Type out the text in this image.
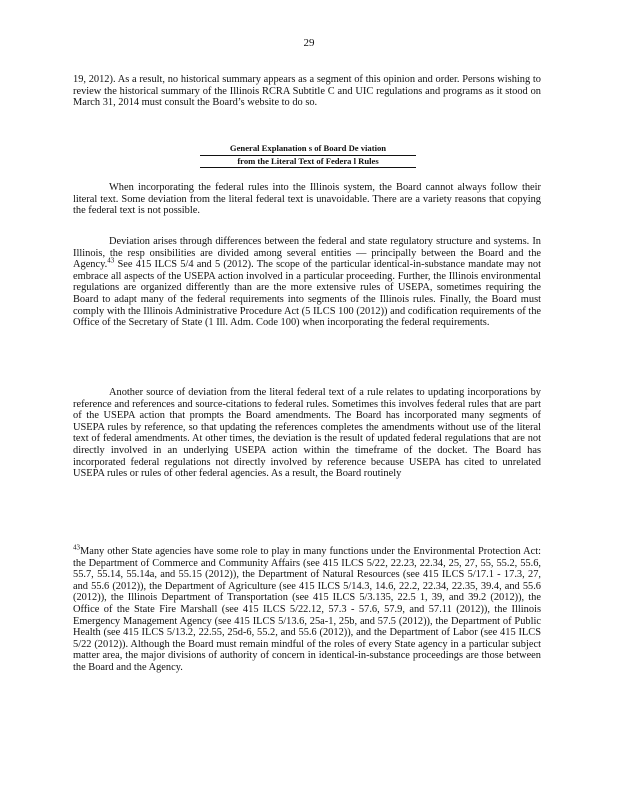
29

19, 2012). As a result, no historical summary appears as a segment of this opinion and order. Persons wishing to review the historical summary of the Illinois RCRA Subtitle C and UIC regulations and programs as it stood on March 31, 2014 must consult the Board’s website to do so.

General Explanation s of Board De viation
from the Literal Text of Federa l Rules

When incorporating the federal rules into the Illinois system, the Board cannot always follow their literal text. Some deviation from the literal federal text is unavoidable. There are a variety reasons that copying the federal text is not possible.

Deviation arises through differences between the federal and state regulatory structure and systems. In Illinois, the resp onsibilities are divided among several entities — principally between the Board and the Agency.$^{43}$ See 415 ILCS 5/4 and 5 (2012). The scope of the particular identical-in-substance mandate may not embrace all aspects of the USEPA action involved in a particular proceeding. Further, the Illinois environmental regulations are organized differently than are the more extensive rules of USEPA, sometimes requiring the Board to adapt many of the federal requirements into segments of the Illinois rules. Finally, the Board must comply with the Illinois Administrative Procedure Act (5 ILCS 100 (2012)) and codification requirements of the Office of the Secretary of State (1 Ill. Adm. Code 100) when incorporating the federal requirements.

Another source of deviation from the literal federal text of a rule relates to updating incorporations by reference and references and source-citations to federal rules. Sometimes this involves federal rules that are part of the USEPA action that prompts the Board amendments. The Board has incorporated many segments of USEPA rules by reference, so that updating the references completes the amendments without use of the literal text of federal amendments. At other times, the deviation is the result of updated federal regulations that are not directly involved in an underlying USEPA action within the timeframe of the docket. The Board has incorporated federal regulations not directly involved by reference because USEPA has cited to unrelated USEPA rules or rules of other federal agencies. As a result, the Board routinely

$^{43}$Many other State agencies have some role to play in many functions under the Environmental Protection Act: the Department of Commerce and Community Affairs (see 415 ILCS 5/22, 22.23, 22.34, 25, 27, 55, 55.2, 55.6, 55.7, 55.14, 55.14a, and 55.15 (2012)), the Department of Natural Resources (see 415 ILCS 5/17.1 - 17.3, 27, and 55.6 (2012)), the Department of Agriculture (see 415 ILCS 5/14.3, 14.6, 22.2, 22.34, 22.35, 39.4, and 55.6 (2012)), the Illinois Department of Transportation (see 415 ILCS 5/3.135, 22.5 1, 39, and 39.2 (2012)), the Office of the State Fire Marshall (see 415 ILCS 5/22.12, 57.3 - 57.6, 57.9, and 57.11 (2012)), the Illinois Emergency Management Agency (see 415 ILCS 5/13.6, 25a-1, 25b, and 57.5 (2012)), the Department of Public Health (see 415 ILCS 5/13.2, 22.55, 25d-6, 55.2, and 55.6 (2012)), and the Department of Labor (see 415 ILCS 5/22 (2012)). Although the Board must remain mindful of the roles of every State agency in a particular subject matter area, the major divisions of authority of concern in identical-in-substance proceedings are those between the Board and the Agency.
